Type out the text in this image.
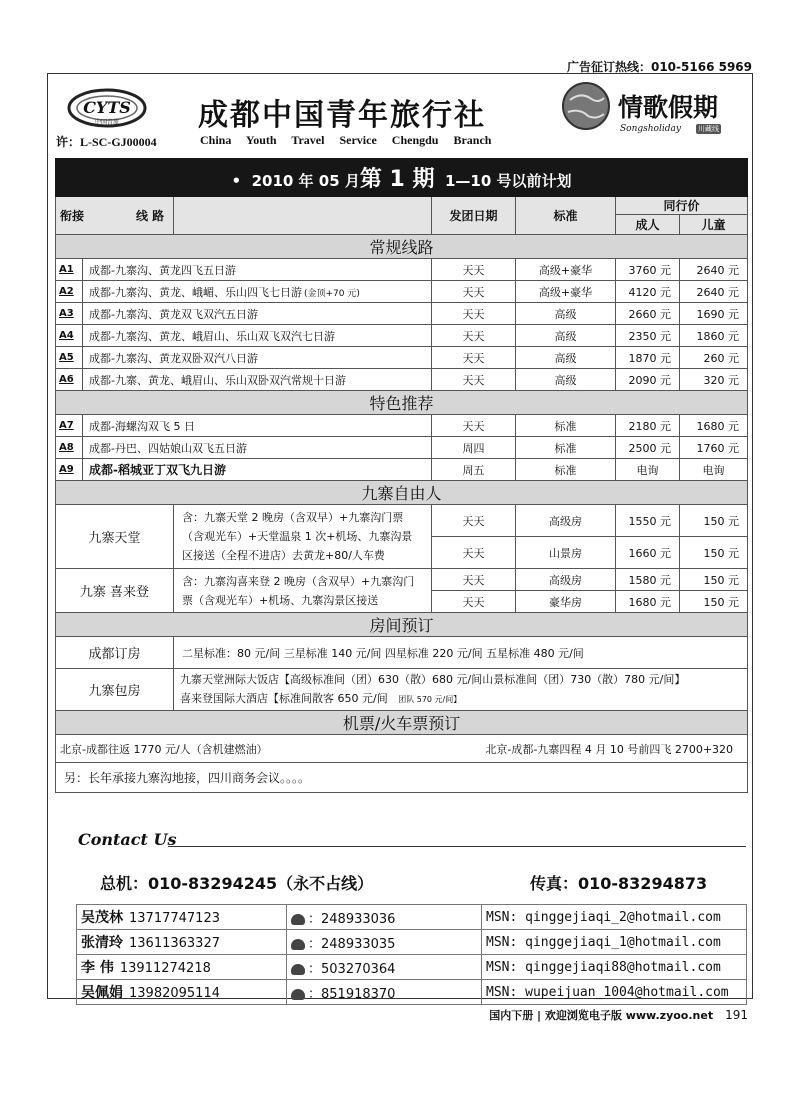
广告征订热线：010-5166 5969
CYTS
中国青旅	成都中国青年旅行社	情歌假期
Songsholiday 川藏线
许：L-SC-GJ00004	China Youth Travel Service Chengdu Branch
•  2010 年 05 月第 1 期 1—10 号以前计划						
衔接		线 路	发团日期	标准	同行价	
					成人	儿童
常规线路						
A1	成都-九寨沟、黄龙四飞五日游		天天	高级+豪华	3760 元	2640 元
A2	成都-九寨沟、黄龙、峨嵋、乐山四飞七日游 (金顶+70 元)		天天	高级+豪华	4120 元	2640 元
A3	成都-九寨沟、黄龙双飞双汽五日游		天天	高级	2660 元	1690 元
A4	成都-九寨沟、黄龙、峨眉山、乐山双飞双汽七日游		天天	高级	2350 元	1860 元
A5	成都-九寨沟、黄龙双卧双汽八日游		天天	高级	1870 元	260 元
A6	成都-九寨、黄龙、峨眉山、乐山双卧双汽常规十日游		天天	高级	2090 元	320 元
特色推荐						
A7	成都-海螺沟双飞 5 日		天天	标准	2180 元	1680 元
A8	成都-丹巴、四姑娘山双飞五日游		周四	标准	2500 元	1760 元
A9	成都-稻城亚丁双飞九日游		周五	标准	电询	电询
九寨自由人						
九寨天堂		含：九寨天堂 2 晚房（含双早）+九寨沟门票（含观光车）+天堂温泉 1 次+机场、九寨沟景区接送（全程不进店）去黄龙+80/人车费	天天	高级房	1550 元	150 元
			天天	山景房	1660 元	150 元
九寨 喜来登		含：九寨沟喜来登 2 晚房（含双早）+九寨沟门票（含观光车）+机场、九寨沟景区接送	天天	高级房	1580 元	150 元
			天天	豪华房	1680 元	150 元
房间预订						
成都订房		二星标准：80 元/间 三星标准 140 元/间 四星标准 220 元/间 五星标准 480 元/间				
九寨包房		九寨天堂洲际大饭店【高级标准间（团）630（散）680 元/间山景标准间（团）730（散）780 元/间】
喜来登国际大酒店【标准间散客 650 元/间 团队 570 元/间】				

机票/火车票预订						
北京-成都往返 1770 元/人（含机建燃油）				北京-成都-九寨四程 4 月 10 号前四飞 2700+320		
另：长年承接九寨沟地接，四川商务会议。。。。						
Contact Us
总机：010-83294245（永不占线）	传真：010-83294873
吴茂林 13717747123	：248933036	MSN: qinggejiaqi_2@hotmail.com
张清玲 13611363327	：248933035	MSN: qinggejiaqi_1@hotmail.com
李 伟 13911274218	：503270364	MSN: qinggejiaqi88@hotmail.com
吴佩娟 13982095114	：851918370	MSN: wupeijuan_1004@hotmail.com
国内下册 | 欢迎浏览电子版 www.zyoo.net 191
